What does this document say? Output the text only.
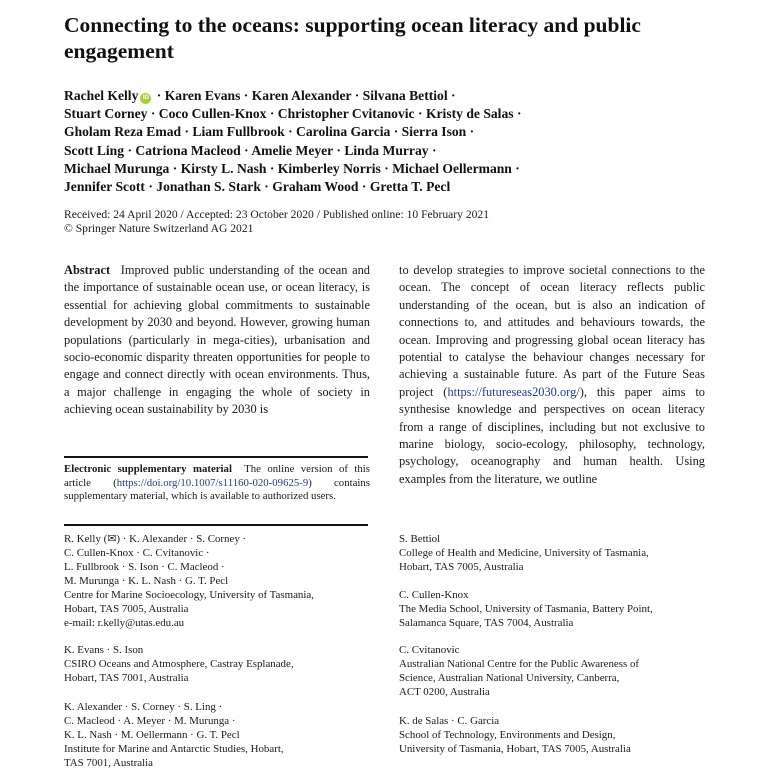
Connecting to the oceans: supporting ocean literacy and public engagement
Rachel Kelly iD · Karen Evans · Karen Alexander · Silvana Bettiol ·
Stuart Corney · Coco Cullen-Knox · Christopher Cvitanovic · Kristy de Salas ·
Gholam Reza Emad · Liam Fullbrook · Carolina Garcia · Sierra Ison ·
Scott Ling · Catriona Macleod · Amelie Meyer · Linda Murray ·
Michael Murunga · Kirsty L. Nash · Kimberley Norris · Michael Oellermann ·
Jennifer Scott · Jonathan S. Stark · Graham Wood · Gretta T. Pecl
Received: 24 April 2020 / Accepted: 23 October 2020 / Published online: 10 February 2021
© Springer Nature Switzerland AG 2021
Abstract Improved public understanding of the ocean and the importance of sustainable ocean use, or ocean literacy, is essential for achieving global commitments to sustainable development by 2030 and beyond. However, growing human populations (particularly in mega-cities), urbanisation and socio-economic disparity threaten opportunities for people to engage and connect directly with ocean environments. Thus, a major challenge in engaging the whole of society in achieving ocean sustainability by 2030 is
to develop strategies to improve societal connections to the ocean. The concept of ocean literacy reflects public understanding of the ocean, but is also an indication of connections to, and attitudes and behaviours towards, the ocean. Improving and progressing global ocean literacy has potential to catalyse the behaviour changes necessary for achieving a sustainable future. As part of the Future Seas project (https://futureseas2030.org/), this paper aims to synthesise knowledge and perspectives on ocean literacy from a range of disciplines, including but not exclusive to marine biology, socio-ecology, philosophy, technology, psychology, oceanography and human health. Using examples from the literature, we outline
Electronic supplementary material The online version of this article (https://doi.org/10.1007/s11160-020-09625-9) contains supplementary material, which is available to authorized users.
R. Kelly (✉) · K. Alexander · S. Corney ·
C. Cullen-Knox · C. Cvitanovic ·
L. Fullbrook · S. Ison · C. Macleod ·
M. Murunga · K. L. Nash · G. T. Pecl
Centre for Marine Socioecology, University of Tasmania,
Hobart, TAS 7005, Australia
e-mail: r.kelly@utas.edu.au
K. Evans · S. Ison
CSIRO Oceans and Atmosphere, Castray Esplanade,
Hobart, TAS 7001, Australia
K. Alexander · S. Corney · S. Ling ·
C. Macleod · A. Meyer · M. Murunga ·
K. L. Nash · M. Oellermann · G. T. Pecl
Institute for Marine and Antarctic Studies, Hobart,
TAS 7001, Australia
S. Bettiol
College of Health and Medicine, University of Tasmania,
Hobart, TAS 7005, Australia
C. Cullen-Knox
The Media School, University of Tasmania, Battery Point,
Salamanca Square, TAS 7004, Australia
C. Cvitanovic
Australian National Centre for the Public Awareness of
Science, Australian National University, Canberra,
ACT 0200, Australia
K. de Salas · C. Garcia
School of Technology, Environments and Design,
University of Tasmania, Hobart, TAS 7005, Australia
